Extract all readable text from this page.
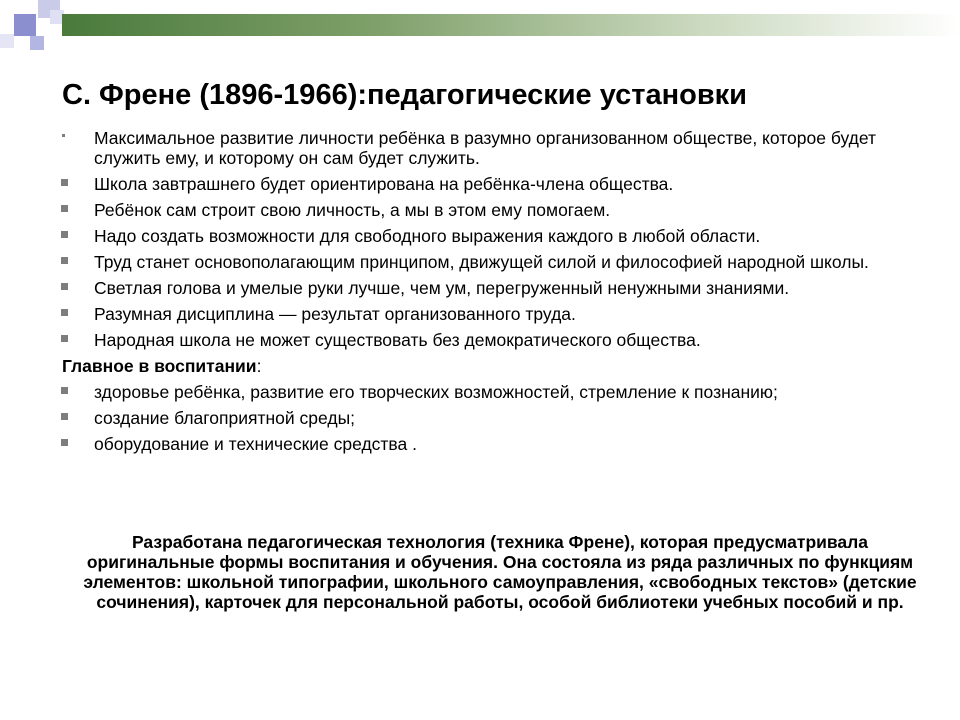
С. Френе (1896-1966):педагогические установки
Максимальное развитие личности ребёнка в разумно организованном обществе, которое будет служить ему, и которому он сам будет служить.
Школа завтрашнего будет ориентирована на ребёнка-члена общества.
Ребёнок сам строит свою личность, а мы в этом ему помогаем.
Надо создать возможности для свободного выражения каждого в любой области.
Труд станет основополагающим принципом, движущей силой и философией народной школы.
Светлая голова и умелые руки лучше, чем ум, перегруженный ненужными знаниями.
Разумная дисциплина — результат организованного труда.
Народная школа не может существовать без демократического общества.
Главное в воспитании:
здоровье ребёнка, развитие его творческих возможностей, стремление к познанию;
создание благоприятной среды;
оборудование и технические средства .

Разработана педагогическая технология (техника Френе), которая предусматривала оригинальные формы воспитания и обучения. Она состояла из ряда различных по функциям элементов: школьной типографии, школьного самоуправления, «свободных текстов» (детские сочинения), карточек для персональной работы, особой библиотеки учебных пособий и пр.
